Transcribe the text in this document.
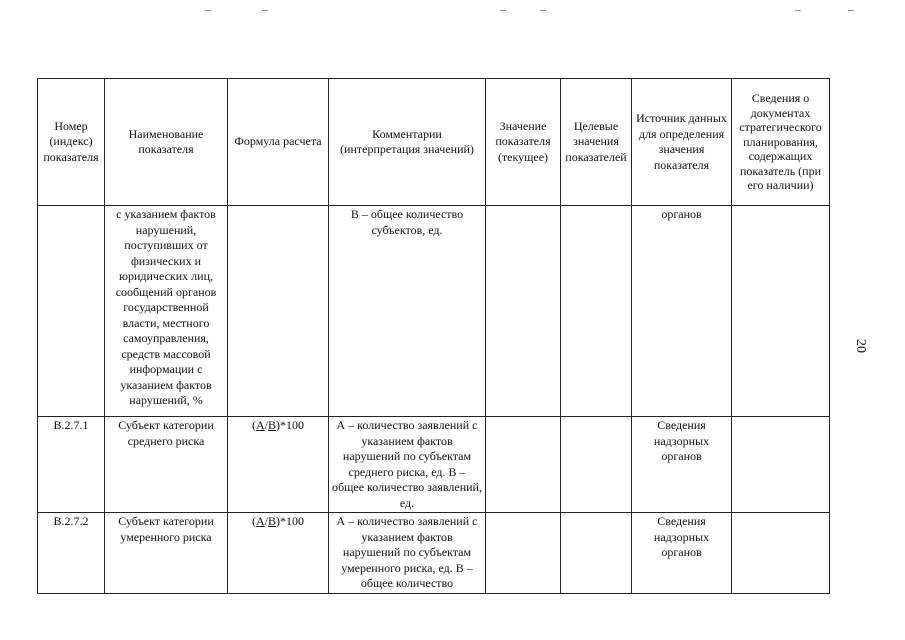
Номер (индекс) показателя	Наименование показателя	Формула расчета	Комментарии (интерпретация значений)	Значение показателя (текущее)	Целевые значения показателей	Источник данных для определения значения показателя	Сведения о документах стратегического планирования, содержащих показатель (при его наличии)
	с указанием фактов нарушений, поступивших от физических и юридических лиц, сообщений органов государственной власти, местного самоуправления, средств массовой информации с указанием фактов нарушений, %		В – общее количество субъектов, ед.			органов	
В.2.7.1	Субъект категории среднего риска	(А/В)*100	А – количество заявлений с указанием фактов нарушений по субъектам среднего риска, ед. В – общее количество заявлений, ед.			Сведения надзорных органов	
В.2.7.2	Субъект категории умеренного риска	(А/В)*100	А – количество заявлений с указанием фактов нарушений по субъектам умеренного риска, ед. В – общее количество			Сведения надзорных органов	
20
